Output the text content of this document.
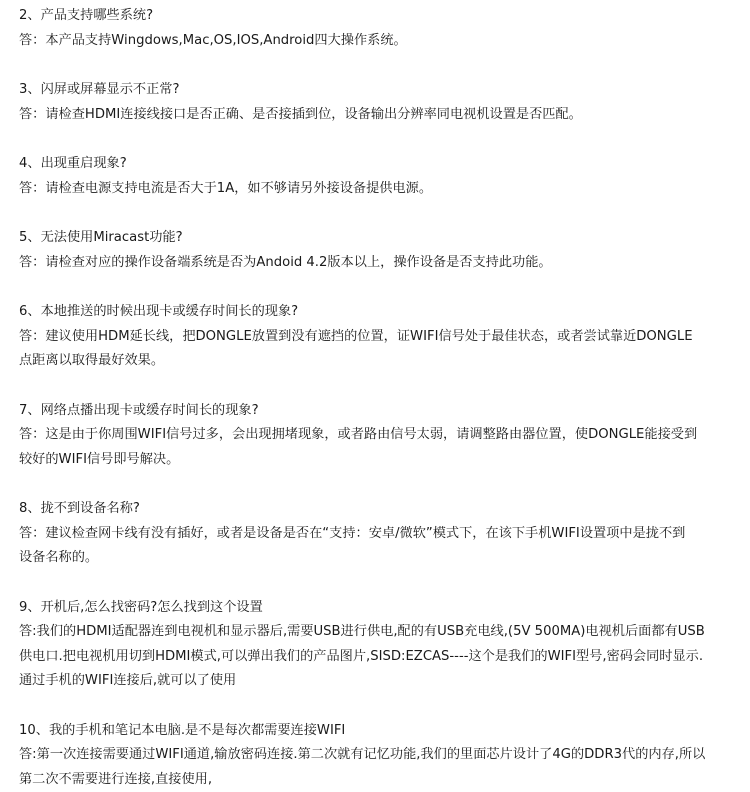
2、产品支持哪些系统?
答：本产品支持Wingdows,Mac,OS,IOS,Android四大操作系统。
3、闪屏或屏幕显示不正常?
答：请检查HDMI连接线接口是否正确、是否接插到位，设备输出分辨率同电视机设置是否匹配。
4、出现重启现象?
答：请检查电源支持电流是否大于1A，如不够请另外接设备提供电源。
5、无法使用Miracast功能?
答：请检查对应的操作设备端系统是否为Andoid 4.2版本以上，操作设备是否支持此功能。
6、本地推送的时候出现卡或缓存时间长的现象?
答：建议使用HDM延长线，把DONGLE放置到没有遮挡的位置，证WIFI信号处于最佳状态，或者尝试靠近DONGLE
点距离以取得最好效果。
7、网络点播出现卡或缓存时间长的现象?
答：这是由于你周围WIFI信号过多，会出现拥堵现象，或者路由信号太弱，请调整路由器位置，使DONGLE能接受到
较好的WIFI信号即号解决。
8、拢不到设备名称?
答：建议检查网卡线有没有插好，或者是设备是否在“支持：安卓/微软”模式下，在该下手机WIFI设置项中是拢不到
设备名称的。
9、开机后,怎么找密码?怎么找到这个设置
答:我们的HDMI适配器连到电视机和显示器后,需要USB进行供电,配的有USB充电线,(5V 500MA)电视机后面都有USB
供电口.把电视机用切到HDMI模式,可以弹出我们的产品图片,SISD:EZCAS----这个是我们的WIFI型号,密码会同时显示.
通过手机的WIFI连接后,就可以了使用
10、我的手机和笔记本电脑.是不是每次都需要连接WIFI
答:第一次连接需要通过WIFI通道,输放密码连接.第二次就有记忆功能,我们的里面芯片设计了4G的DDR3代的内存,所以
第二次不需要进行连接,直接使用,
